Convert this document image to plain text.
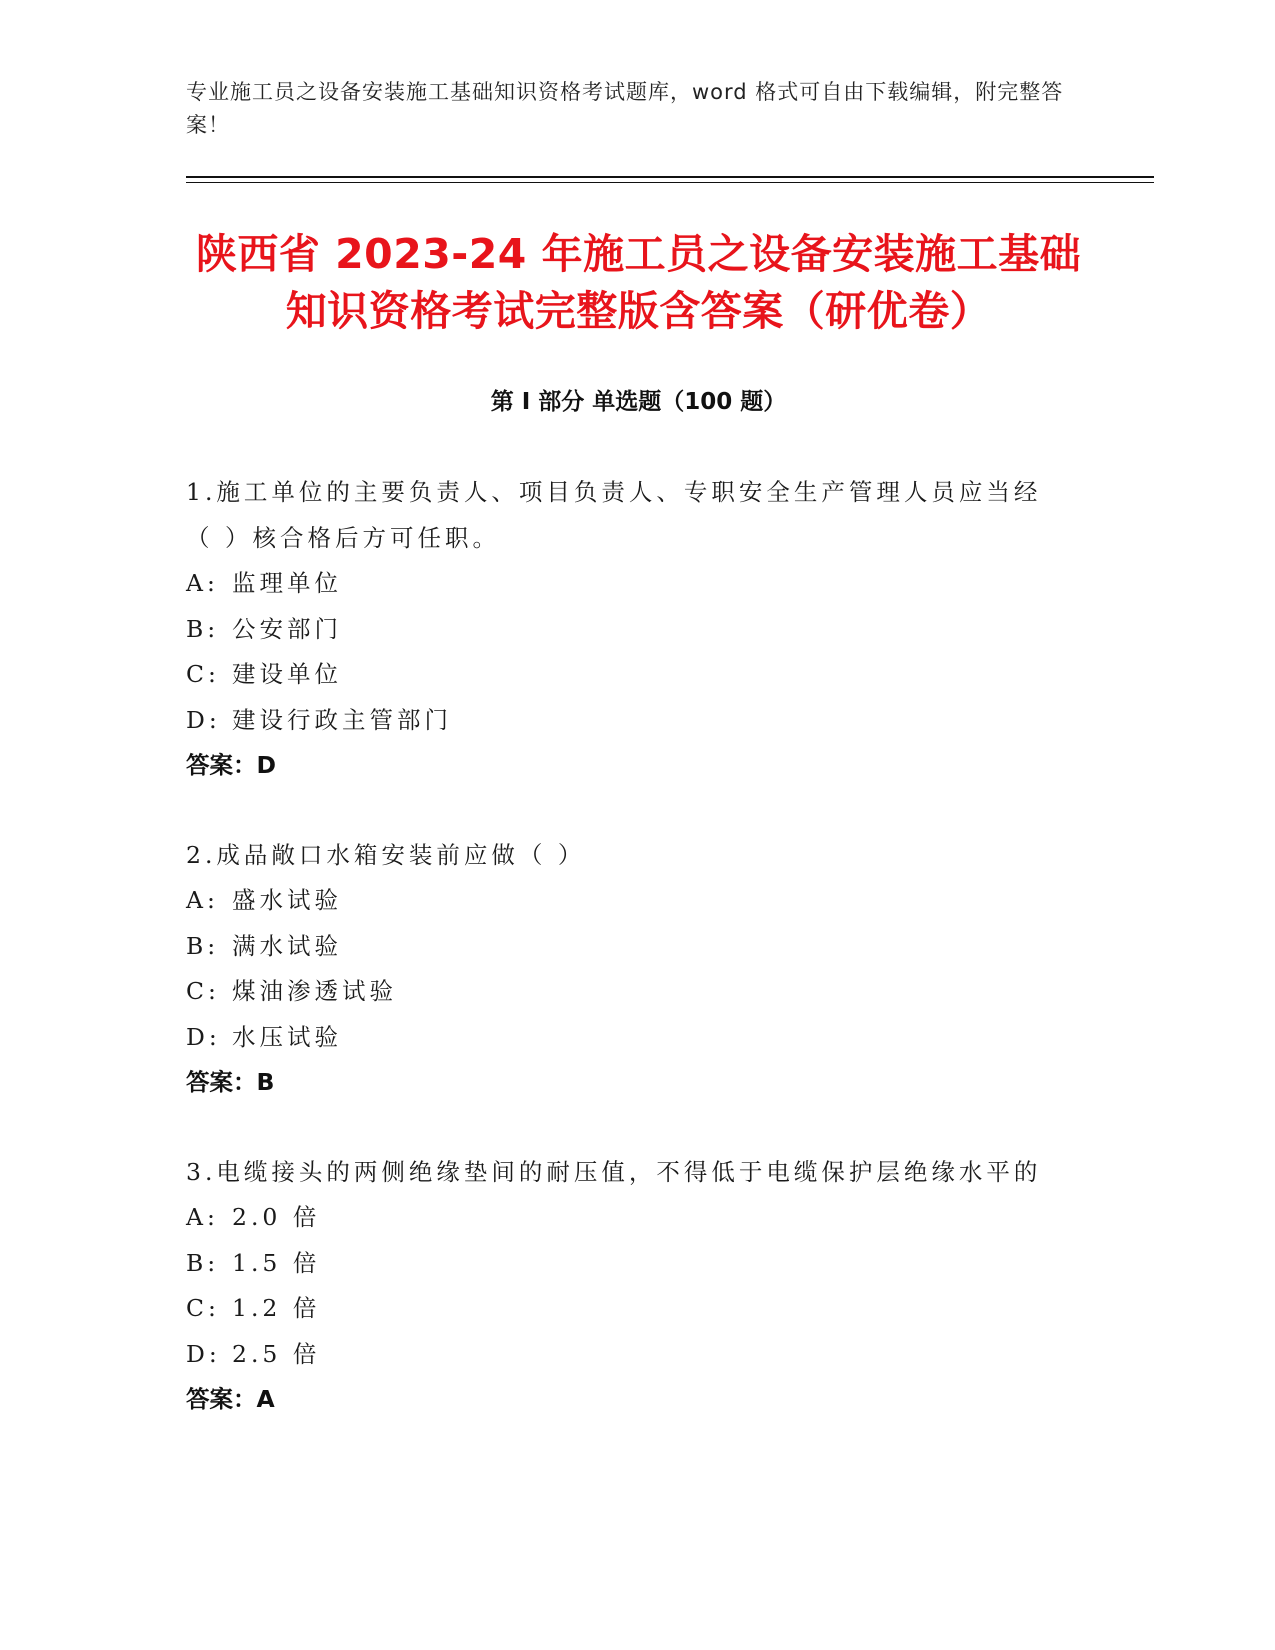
专业施工员之设备安装施工基础知识资格考试题库，word 格式可自由下载编辑，附完整答案！
陕西省 2023-24 年施工员之设备安装施工基础知识资格考试完整版含答案（研优卷）
第 I 部分 单选题（100 题）
1.施工单位的主要负责人、项目负责人、专职安全生产管理人员应当经（ ）核合格后方可任职。
A: 监理单位
B: 公安部门
C: 建设单位
D: 建设行政主管部门
答案：D
2.成品敞口水箱安装前应做（ ）
A: 盛水试验
B: 满水试验
C: 煤油渗透试验
D: 水压试验
答案：B
3.电缆接头的两侧绝缘垫间的耐压值，不得低于电缆保护层绝缘水平的
A: 2.0 倍
B: 1.5 倍
C: 1.2 倍
D: 2.5 倍
答案：A
